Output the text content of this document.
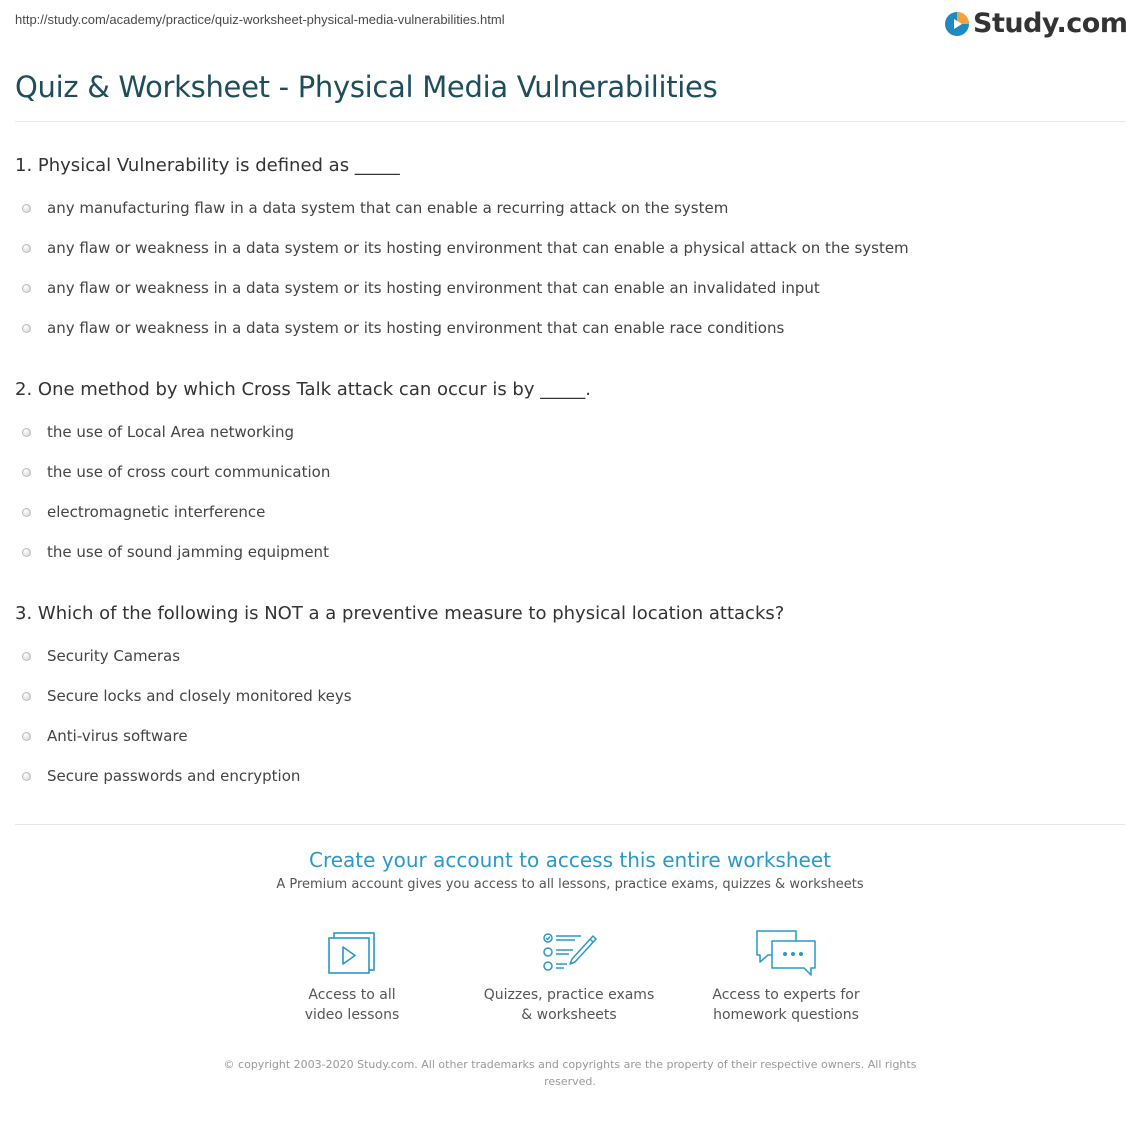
http://study.com/academy/practice/quiz-worksheet-physical-media-vulnerabilities.html	Study.com
Quiz & Worksheet - Physical Media Vulnerabilities
1. Physical Vulnerability is defined as _____
any manufacturing flaw in a data system that can enable a recurring attack on the system
any flaw or weakness in a data system or its hosting environment that can enable a physical attack on the system
any flaw or weakness in a data system or its hosting environment that can enable an invalidated input
any flaw or weakness in a data system or its hosting environment that can enable race conditions
2. One method by which Cross Talk attack can occur is by _____.
the use of Local Area networking
the use of cross court communication
electromagnetic interference
the use of sound jamming equipment
3. Which of the following is NOT a a preventive measure to physical location attacks?
Security Cameras
Secure locks and closely monitored keys
Anti-virus software
Secure passwords and encryption
Create your account to access this entire worksheet
A Premium account gives you access to all lessons, practice exams, quizzes & worksheets
Access to all
video lessons
Quizzes, practice exams
& worksheets
Access to experts for
homework questions
© copyright 2003-2020 Study.com. All other trademarks and copyrights are the property of their respective owners. All rights
reserved.
